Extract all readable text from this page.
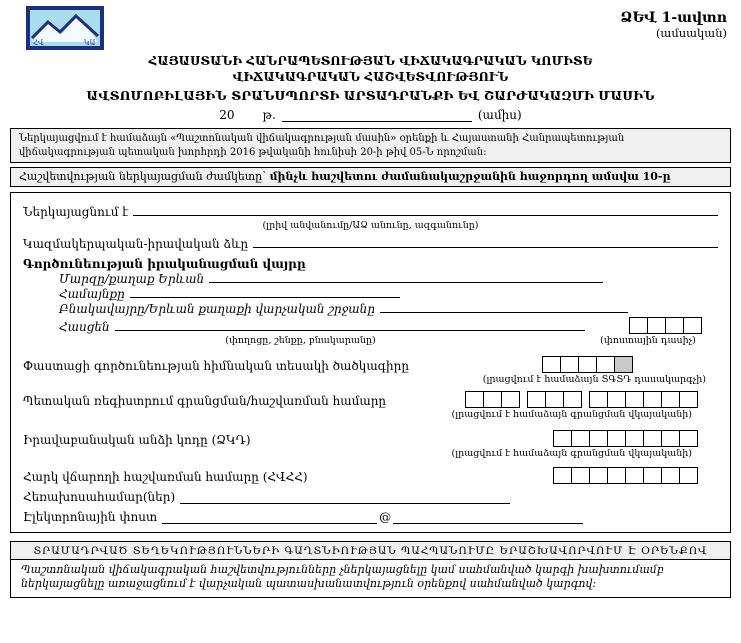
ՀՎ	ԿԱ
ՁԵՎ 1-ավտո
(ամսական)
ՀԱՅԱՍՏԱՆԻ ՀԱՆՐԱՊԵՏՈՒԹՅԱՆ ՎԻՃԱԿԱԳՐԱԿԱՆ ԿՈՄԻՏԵ
ՎԻՃԱԿԱԳՐԱԿԱՆ ՀԱՇՎԵՏՎՈՒԹՅՈՒՆ
ԱՎՏՈՄՈԲԻԼԱՅԻՆ ՏՐԱՆՍՊՈՐՏԻ ԱՐՏԱԴՐԱՆՔԻ ԵՎ ՇԱՐԺԱԿԱԶՄԻ ՄԱՍԻՆ
20 թ.	(ամիս)
Ներկայացվում է համաձայն «Պաշտոնական վիճակագրության մասին» օրենքի և Հայաստանի Հանրապետության վիճակագրության պետական խորհրդի 2016 թվականի հունիսի 20-ի թիվ 05-Ն որոշման:
Հաշվետվության ներկայացման ժամկետը՝ մինչև հաշվետու ժամանակաշրջանին հաջորդող ամսվա 10-ը
Ներկայացնում է
(լրիվ անվանումը/ԱՁ անունը, ազգանունը)
Կազմակերպական-իրավական ձևը
Գործունեության իրականացման վայրը
Մարզը/քաղաք Երևան
Համայնքը
Բնակավայրը/Երևան քաղաքի վարչական շրջանը
Հասցեն
(փողոցը, շենքը, բնակարանը)	(փոստային դասիչ)
Փաստացի գործունեության հիմնական տեսակի ծածկագիրը
(լրացվում է համաձայն ՏԳՏԴ դասակարգչի)
Պետական ռեգիստրում գրանցման/հաշվառման համարը
(լրացվում է համաձայն գրանցման վկայականի)
Իրավաբանական անձի կոդը (ՁԿԴ)
(լրացվում է համաձայն գրանցման վկայականի)
Հարկ վճարողի հաշվառման համարը (ՀՎՀՀ)
Հեռախոսահամար(ներ)
Էլեկտրոնային փոստ	@
ՏՐԱՄԱԴՐՎԱԾ ՏԵՂԵԿՈՒԹՅՈՒՆՆԵՐԻ ԳԱՂՏՆԻՈՒԹՅԱՆ ՊԱՀՊԱՆՈՒՄԸ ԵՐԱՇԽԱՎՈՐՎՈՒՄ Է ՕՐԵՆՔՈՎ
Պաշտոնական վիճակագրական հաշվետվությունները չներկայացնելը կամ սահմանված կարգի խախտումամբ ներկայացնելը առաջացնում է վարչական պատասխանատվություն օրենքով սահմանված կարգով:
